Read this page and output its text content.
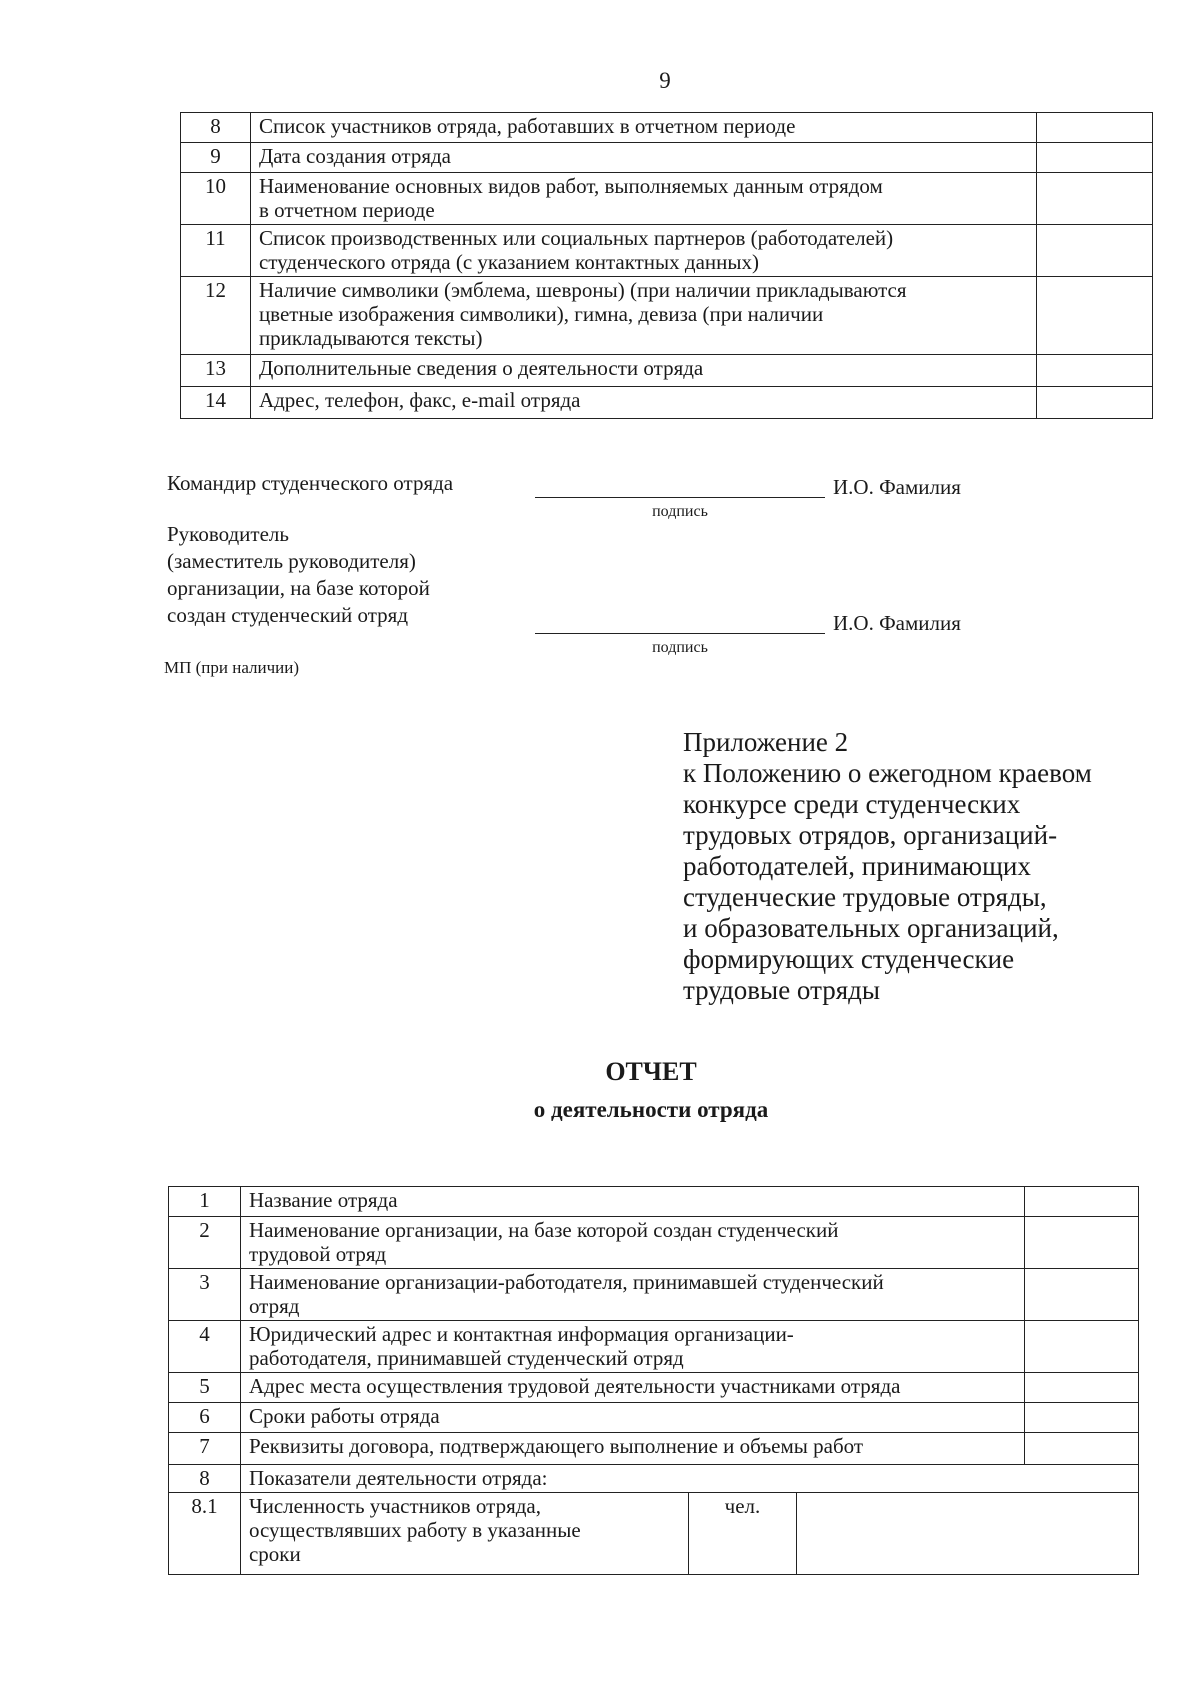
9
8	Список участников отряда, работавших в отчетном периоде	
9	Дата создания отряда	
10	Наименование основных видов работ, выполняемых данным отрядом
в отчетном периоде	
11	Список производственных или социальных партнеров (работодателей)
студенческого отряда (с указанием контактных данных)	
12	Наличие символики (эмблема, шевроны) (при наличии прикладываются
цветные изображения символики), гимна, девиза (при наличии
прикладываются тексты)	
13	Дополнительные сведения о деятельности отряда	
14	Адрес, телефон, факс, e-mail отряда	
Командир студенческого отряда	И.О. Фамилия
подпись
Руководитель
(заместитель руководителя)
организации, на базе которой
создан студенческий отряд	И.О. Фамилия
подпись
МП (при наличии)
Приложение 2
к Положению о ежегодном краевом
конкурсе среди студенческих
трудовых отрядов, организаций-
работодателей, принимающих
студенческие трудовые отряды,
и образовательных организаций,
формирующих студенческие
трудовые отряды
ОТЧЕТ
о деятельности отряда
1	Название отряда			
2	Наименование организации, на базе которой создан студенческий
трудовой отряд			
3	Наименование организации-работодателя, принимавшей студенческий
отряд			
4	Юридический адрес и контактная информация организации-
работодателя, принимавшей студенческий отряд			
5	Адрес места осуществления трудовой деятельности участниками отряда			
6	Сроки работы отряда			
7	Реквизиты договора, подтверждающего выполнение и объемы работ			
8	Показатели деятельности отряда:			
8.1	Численность участников отряда,
осуществлявших работу в указанные
сроки	чел.		
